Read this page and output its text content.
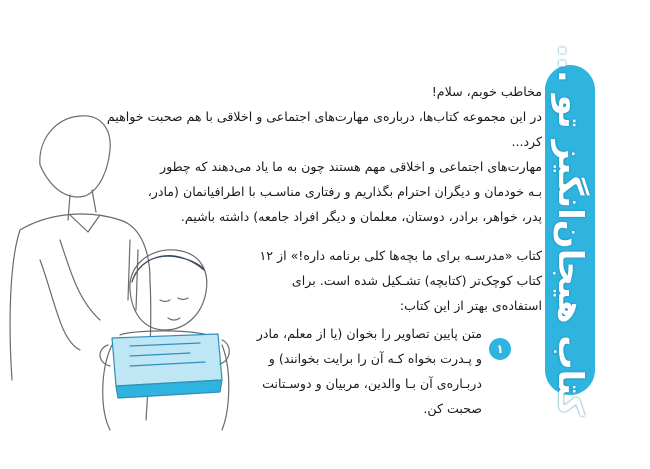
کتاب هیجان‌انگیز تو ...
مخاطب خوبم، سلام!
در این مجموعه کتاب‌ها، درباره‌ی مهارت‌های اجتماعی و اخلاقی با هم صحبت خواهیم
کرد...
مهارت‌های اجتماعی و اخلاقی مهم هستند چون به ما یاد می‌دهند که چطور
بـه خودمان و دیگران احترام بگذاریم و رفتاری مناسـب با اطرافیانمان (مادر،
پدر، خواهر، برادر، دوستان، معلمان و دیگر افراد جامعه) داشته باشیم.
کتاب «مدرسـه برای ما بچه‌ها کلی برنامه داره!» از ۱۲
کتاب کوچک‌تر (کتابچه) تشـکیل شده است. برای
استفاده‌ی بهتر از این کتاب:
۱
متن پایین تصاویر را بخوان (یا از معلم، مادر
و پـدرت بخواه کـه آن را برایت بخوانند) و
دربـاره‌ی آن بـا والدین، مربیان و دوسـتانت
صحبت کن.
